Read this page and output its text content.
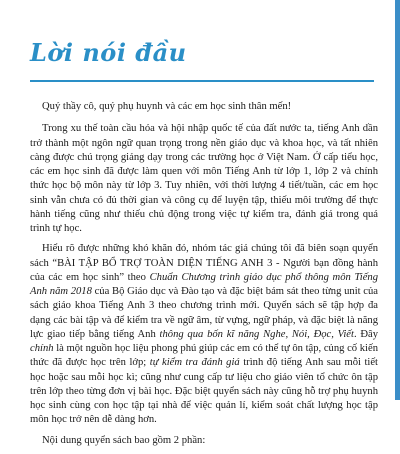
Lời nói đầu

Quý thầy cô, quý phụ huynh và các em học sinh thân mến!

Trong xu thế toàn cầu hóa và hội nhập quốc tế của đất nước ta, tiếng Anh dần trở thành một ngôn ngữ quan trọng trong nền giáo dục và khoa học, và tất nhiên càng được chú trọng giảng dạy trong các trường học ở Việt Nam. Ở cấp tiểu học, các em học sinh đã được làm quen với môn Tiếng Anh từ lớp 1, lớp 2 và chính thức học bộ môn này từ lớp 3. Tuy nhiên, với thời lượng 4 tiết/tuần, các em học sinh vẫn chưa có đủ thời gian và công cụ để luyện tập, thiếu môi trường để thực hành tiếng cũng như thiếu chủ động trong việc tự kiểm tra, đánh giá trong quá trình tự học.

Hiểu rõ được những khó khăn đó, nhóm tác giả chúng tôi đã biên soạn quyển sách “BÀI TẬP BỔ TRỢ TOÀN DIỆN TIẾNG ANH 3 - Người bạn đồng hành của các em học sinh” theo Chuẩn Chương trình giáo dục phổ thông môn Tiếng Anh năm 2018 của Bộ Giáo dục và Đào tạo và đặc biệt bám sát theo từng unit của sách giáo khoa Tiếng Anh 3 theo chương trình mới. Quyển sách sẽ tập hợp đa dạng các bài tập và để kiểm tra về ngữ âm, từ vựng, ngữ pháp, và đặc biệt là năng lực giao tiếp bằng tiếng Anh thông qua bốn kĩ năng Nghe, Nói, Đọc, Viết. Đây chính là một nguồn học liệu phong phú giúp các em có thể tự ôn tập, củng cố kiến thức đã được học trên lớp; tự kiểm tra đánh giá trình độ tiếng Anh sau mỗi tiết học hoặc sau mỗi học kì; cũng như cung cấp tư liệu cho giáo viên tổ chức ôn tập trên lớp theo từng đơn vị bài học. Đặc biệt quyển sách này cũng hỗ trợ phụ huynh học sinh cùng con học tập tại nhà để việc quản lí, kiểm soát chất lượng học tập môn học trở nên dễ dàng hơn.

Nội dung quyển sách bao gồm 2 phần:
